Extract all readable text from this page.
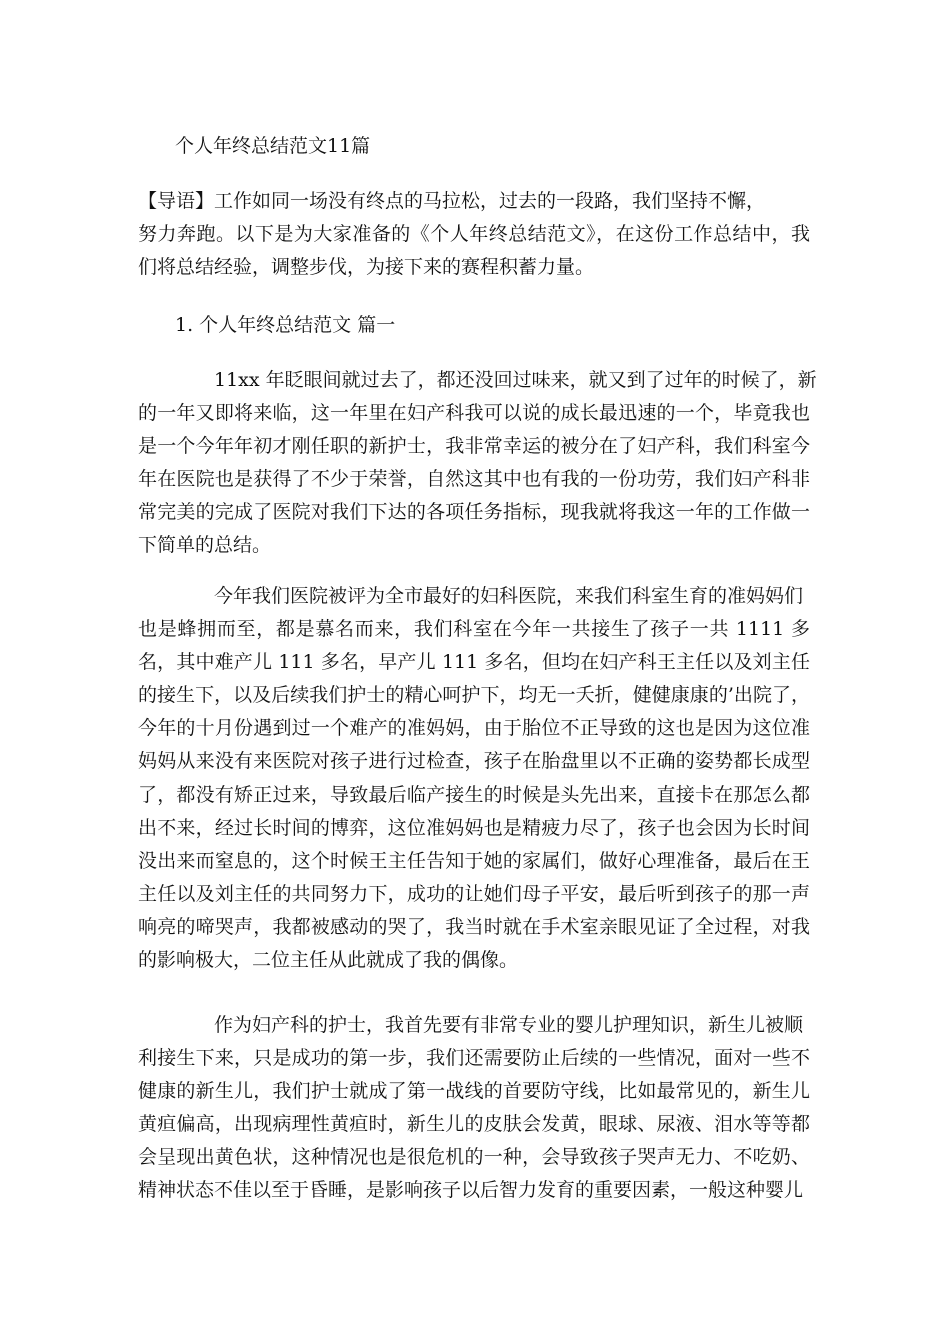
个人年终总结范文11篇

【导语】工作如同一场没有终点的马拉松，过去的一段路，我们坚持不懈，
努力奔跑。以下是为大家准备的《个人年终总结范文》，在这份工作总结中，我们将总结经验，调整步伐，为接下来的赛程积蓄力量。

1. 个人年终总结范文 篇一

11xx 年眨眼间就过去了，都还没回过味来，就又到了过年的时候了，新
的一年又即将来临，这一年里在妇产科我可以说的成长最迅速的一个，毕竟我也是一个今年年初才刚任职的新护士，我非常幸运的被分在了妇产科，我们科室今年在医院也是获得了不少于荣誉，自然这其中也有我的一份功劳，我们妇产科非常完美的完成了医院对我们下达的各项任务指标，现我就将我这一年的工作做一下简单的总结。

今年我们医院被评为全市最好的妇科医院，来我们科室生育的准妈妈们
也是蜂拥而至，都是慕名而来，我们科室在今年一共接生了孩子一共 1111 多名，其中难产儿 111 多名，早产儿 111 多名，但均在妇产科王主任以及刘主任的接生下，以及后续我们护士的精心呵护下，均无一夭折，健健康康的’出院了，今年的十月份遇到过一个难产的准妈妈，由于胎位不正导致的这也是因为这位准妈妈从来没有来医院对孩子进行过检查，孩子在胎盘里以不正确的姿势都长成型了，都没有矫正过来，导致最后临产接生的时候是头先出来，直接卡在那怎么都出不来，经过长时间的博弈，这位准妈妈也是精疲力尽了，孩子也会因为长时间没出来而窒息的，这个时候王主任告知于她的家属们，做好心理准备，最后在王主任以及刘主任的共同努力下，成功的让她们母子平安，最后听到孩子的那一声响亮的啼哭声，我都被感动的哭了，我当时就在手术室亲眼见证了全过程，对我的影响极大，二位主任从此就成了我的偶像。

作为妇产科的护士，我首先要有非常专业的婴儿护理知识，新生儿被顺
利接生下来，只是成功的第一步，我们还需要防止后续的一些情况，面对一些不健康的新生儿，我们护士就成了第一战线的首要防守线，比如最常见的，新生儿黄疸偏高，出现病理性黄疸时，新生儿的皮肤会发黄，眼球、尿液、泪水等等都会呈现出黄色状，这种情况也是很危机的一种，会导致孩子哭声无力、不吃奶、精神状态不佳以至于昏睡，是影响孩子以后智力发育的重要因素，一般这种婴儿
